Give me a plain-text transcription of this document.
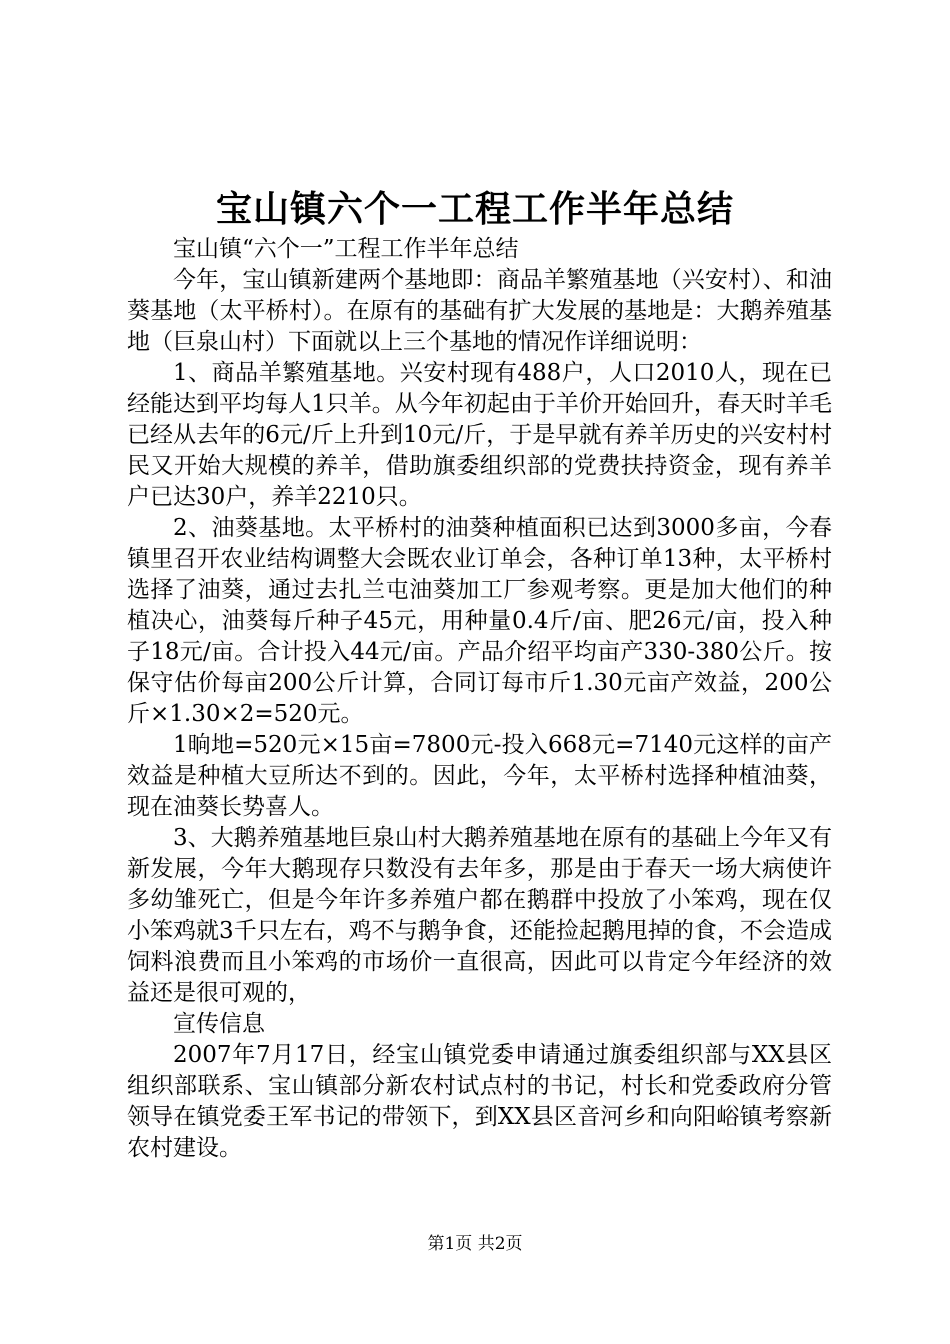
宝山镇六个一工程工作半年总结

宝山镇“六个一”工程工作半年总结

今年，宝山镇新建两个基地即：商品羊繁殖基地（兴安村）、和油葵基地（太平桥村）。在原有的基础有扩大发展的基地是：大鹅养殖基地（巨泉山村）下面就以上三个基地的情况作详细说明：

1、商品羊繁殖基地。兴安村现有488户，人口2010人，现在已经能达到平均每人1只羊。从今年初起由于羊价开始回升，春天时羊毛已经从去年的6元/斤上升到10元/斤，于是早就有养羊历史的兴安村村民又开始大规模的养羊，借助旗委组织部的党费扶持资金，现有养羊户已达30户，养羊2210只。

2、油葵基地。太平桥村的油葵种植面积已达到3000多亩，今春镇里召开农业结构调整大会既农业订单会，各种订单13种，太平桥村选择了油葵，通过去扎兰屯油葵加工厂参观考察。更是加大他们的种植决心，油葵每斤种子45元，用种量0.4斤/亩、肥26元/亩，投入种子18元/亩。合计投入44元/亩。产品介绍平均亩产330-380公斤。按保守估价每亩200公斤计算，合同订每市斤1.30元亩产效益，200公斤×1.30×2=520元。

1晌地=520元×15亩=7800元-投入668元=7140元这样的亩产效益是种植大豆所达不到的。因此，今年，太平桥村选择种植油葵，现在油葵长势喜人。

3、大鹅养殖基地巨泉山村大鹅养殖基地在原有的基础上今年又有新发展，今年大鹅现存只数没有去年多，那是由于春天一场大病使许多幼雏死亡，但是今年许多养殖户都在鹅群中投放了小笨鸡，现在仅小笨鸡就3千只左右，鸡不与鹅争食，还能捡起鹅甩掉的食，不会造成饲料浪费而且小笨鸡的市场价一直很高，因此可以肯定今年经济的效益还是很可观的，

宣传信息

2007年7月17日，经宝山镇党委申请通过旗委组织部与XX县区组织部联系、宝山镇部分新农村试点村的书记，村长和党委政府分管领导在镇党委王军书记的带领下，到XX县区音河乡和向阳峪镇考察新农村建设。

第1页 共2页
